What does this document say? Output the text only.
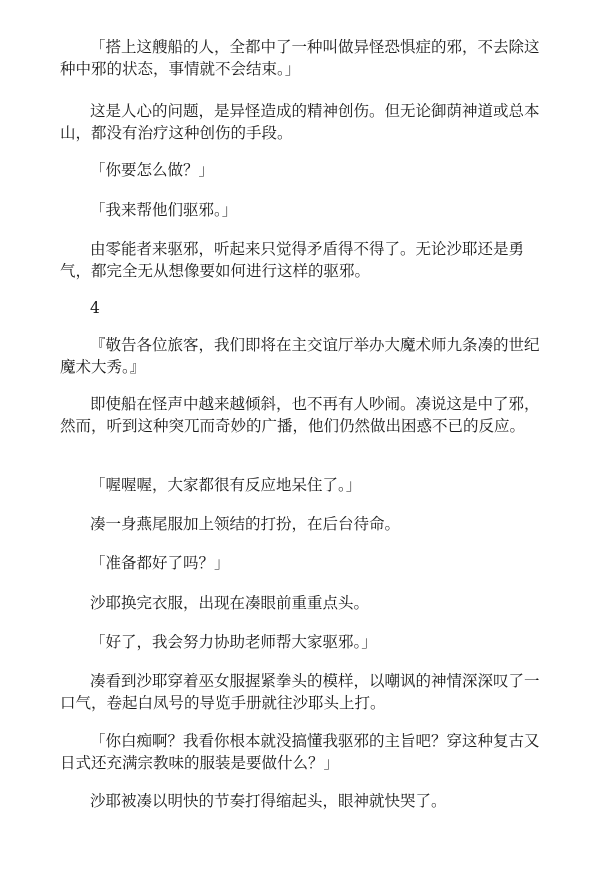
「搭上这艘船的人，全都中了一种叫做异怪恐惧症的邪，不去除这种中邪的状态，事情就不会结束。」

这是人心的问题，是异怪造成的精神创伤。但无论御荫神道或总本山，都没有治疗这种创伤的手段。

「你要怎么做？」

「我来帮他们驱邪。」

由零能者来驱邪，听起来只觉得矛盾得不得了。无论沙耶还是勇气，都完全无从想像要如何进行这样的驱邪。

4

『敬告各位旅客，我们即将在主交谊厅举办大魔术师九条凑的世纪魔术大秀。』

即使船在怪声中越来越倾斜，也不再有人吵闹。凑说这是中了邪，然而，听到这种突兀而奇妙的广播，他们仍然做出困惑不已的反应。

「喔喔喔，大家都很有反应地呆住了。」

凑一身燕尾服加上领结的打扮，在后台待命。

「准备都好了吗？」

沙耶换完衣服，出现在凑眼前重重点头。

「好了，我会努力协助老师帮大家驱邪。」

凑看到沙耶穿着巫女服握紧拳头的模样，以嘲讽的神情深深叹了一口气，卷起白凤号的导览手册就往沙耶头上打。

「你白痴啊？我看你根本就没搞懂我驱邪的主旨吧？穿这种复古又日式还充满宗教味的服装是要做什么？」

沙耶被凑以明快的节奏打得缩起头，眼神就快哭了。
